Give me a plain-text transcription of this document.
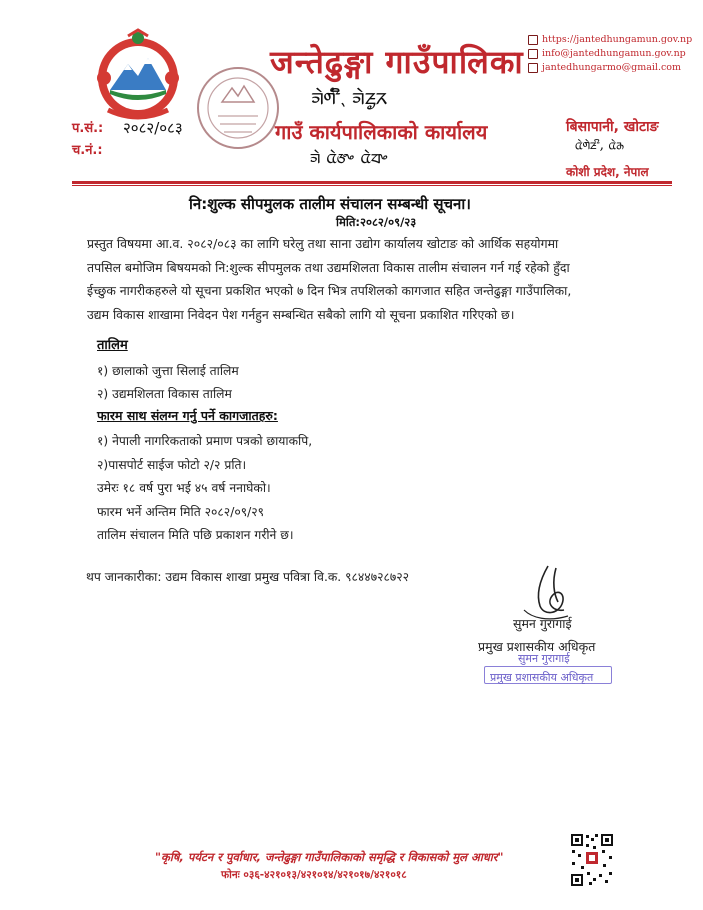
जन्तेढुङ्गा गाउँपालिका
ᤈᤧᤛᤡᤠᤷ ᤈᤧᤏᤢᤖ
गाउँ कार्यपालिकाको कार्यालय
ᤈᤧ ᤂᤧᤅᤴ ᤂᤧᤔᤴ
प.सं.:
च.नं.:
२०८२/०८३
https://jantedhungamun.gov.np
info@jantedhungamun.gov.np
jantedhungarmo@gmail.com
बिसापानी, खोटाङ
ᤂᤧᤛᤧᤏᤡ, ᤂᤧᤌ
कोशी प्रदेश, नेपाल
नि:शुल्क सीपमुलक तालीम संचालन सम्बन्धी सूचना।
मिति:२०८२/०९/२३
प्रस्तुत विषयमा आ.व. २०८२/०८३ का लागि घरेलु तथा साना उद्योग कार्यालय खोटाङ को आर्थिक सहयोगमा
तपसिल बमोजिम बिषयमको नि:शुल्क सीपमुलक तथा उद्यमशिलता विकास तालीम संचालन गर्न गई रहेको हुँदा
ईच्छुक नागरीकहरुले यो सूचना प्रकशित भएको ७ दिन भित्र तपशिलको कागजात सहित जन्तेढुङ्गा गाउँपालिका,
उद्यम विकास शाखामा निवेदन पेश गर्नहुन सम्बन्धित सबैको लागि यो सूचना प्रकाशित गरिएको छ।
तालिम
१) छालाको जुत्ता सिलाई तालिम
२) उद्यमशिलता विकास तालिम
फारम साथ संलग्न गर्नु पर्ने कागजातहरु:
१) नेपाली नागरिकताको प्रमाण पत्रको छायाकपि,
२)पासपोर्ट साईज फोटो २/२ प्रति।
उमेरः १८ वर्ष पुरा भई ४५ वर्ष ननाघेको।
फारम भर्ने अन्तिम मिति २०८२/०९/२९
तालिम संचालन मिति पछि प्रकाशन गरीने छ।
थप जानकारीका: उद्यम विकास शाखा प्रमुख पवित्रा वि.क. ९८४४७२८७२२
सुमन गुरागाई
प्रमुख प्रशासकीय अधिकृत
सुमन गुरागाई
प्रमुख प्रशासकीय अधिकृत
"कृषि, पर्यटन र पुर्वाधार, जन्तेढुङ्गा गाउँपालिकाको समृद्धि र विकासको मुल आधार"
फोनः ०३६-४२१०१३/४२१०१४/४२१०१७/४२१०१८
